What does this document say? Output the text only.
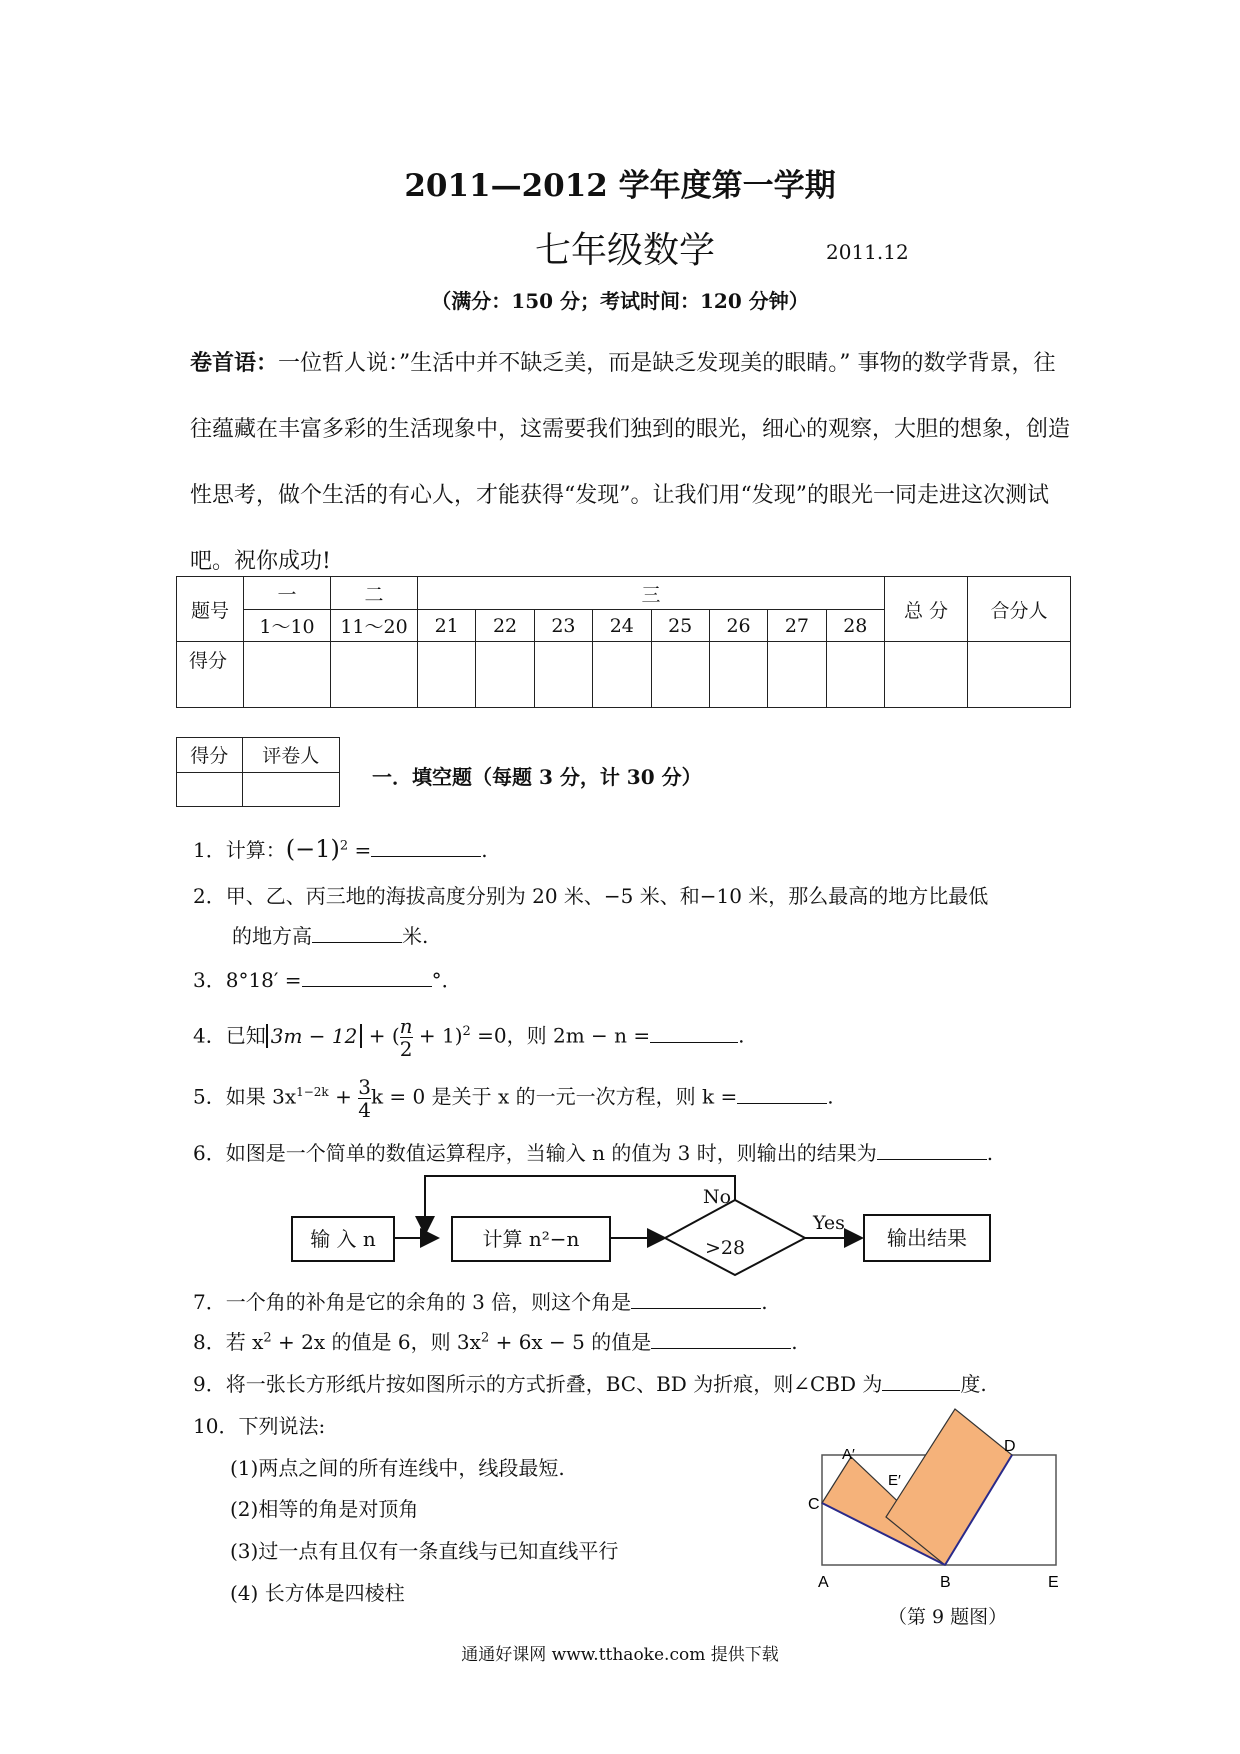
2011—2012 学年度第一学期
七年级数学	2011.12
（满分：150 分；考试时间：120 分钟）
卷首语：一位哲人说：”生活中并不缺乏美，而是缺乏发现美的眼睛。” 事物的数学背景，往往蕴藏在丰富多彩的生活现象中，这需要我们独到的眼光，细心的观察，大胆的想象，创造性思考，做个生活的有心人，才能获得“发现”。让我们用“发现”的眼光一同走进这次测试吧。祝你成功!
题号	一	二	三								总 分	合分人
	1～10	11～20	21	22	23	24	25	26	27	28		
得分												
得分	评卷人

一．填空题（每题 3 分，计 30 分）
1．计算：$(-1)^2$ =	.
2．甲、乙、丙三地的海拔高度分别为 20 米、−5 米、和−10 米，那么最高的地方比最低
的地方高	米.
3．8°18′ =	°．
4．已知 3m − 12 + ( $\frac{n}{2} + 1)^2 =0$，则 2m − n =	.
5．如果 $3x^{1-2k} + \frac{3}{4}$ k = 0 是关于 x 的一元一次方程，则 k =	.
6．如图是一个简单的数值运算程序，当输入 n 的值为 3 时，则输出的结果为	.
输 入 n	计算 n²−n	>28
No
Yes
输出结果
7．一个角的补角是它的余角的 3 倍，则这个角是	.
8．若 $x^2 + 2x$ 的值是 6，则 $3x^2 + 6x - 5$ 的值是	.
9．将一张长方形纸片按如图所示的方式折叠，BC、BD 为折痕，则∠CBD 为	度.
10．下列说法:
(1)两点之间的所有连线中，线段最短.
(2)相等的角是对顶角
(3)过一点有且仅有一条直线与已知直线平行
(4) 长方体是四棱柱
C
A	B	E
D
A′
E′
（第 9 题图）
通通好课网 www.tthaoke.com 提供下载
